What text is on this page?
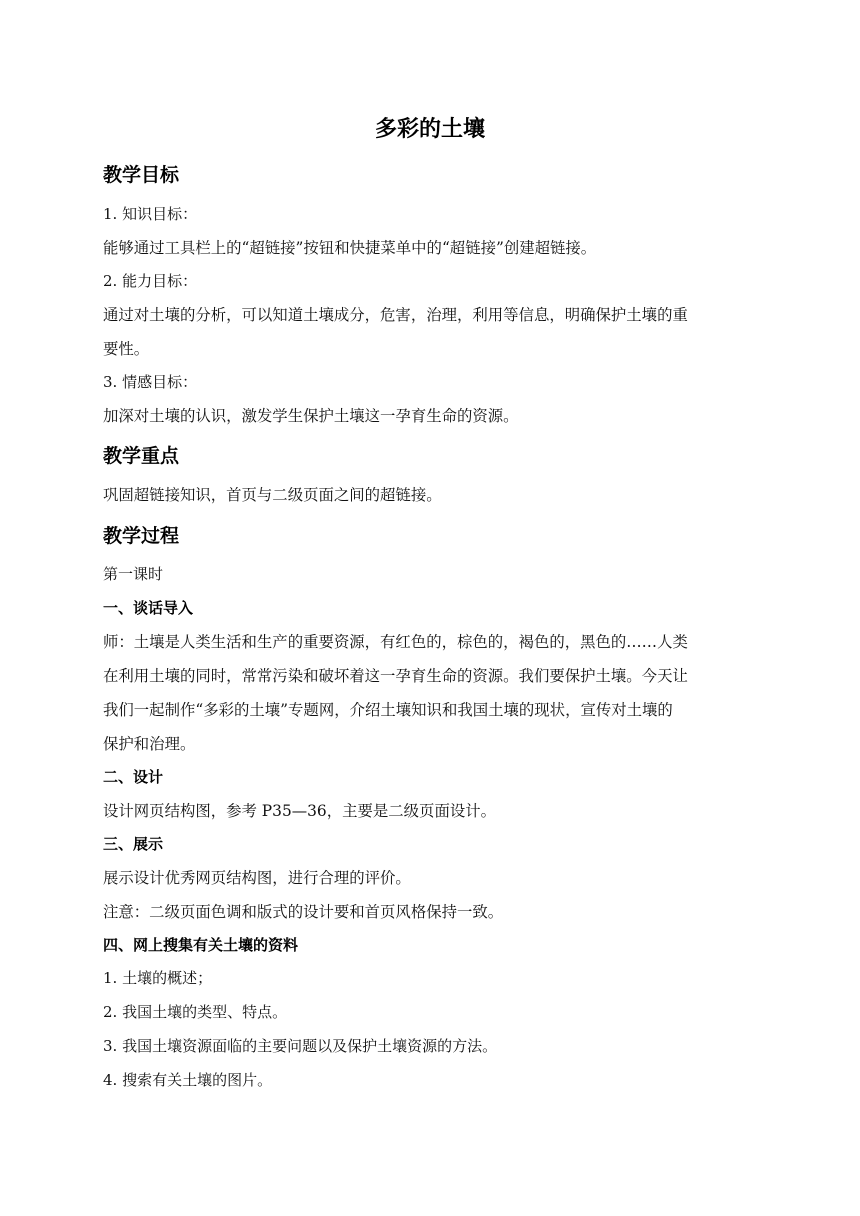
多彩的土壤
教学目标
1. 知识目标：
能够通过工具栏上的“超链接”按钮和快捷菜单中的“超链接”创建超链接。
2. 能力目标：
通过对土壤的分析，可以知道土壤成分，危害，治理，利用等信息，明确保护土壤的重
要性。
3. 情感目标：
加深对土壤的认识，激发学生保护土壤这一孕育生命的资源。
教学重点
巩固超链接知识，首页与二级页面之间的超链接。
教学过程
第一课时
一、谈话导入
师：土壤是人类生活和生产的重要资源，有红色的，棕色的，褐色的，黑色的……人类
在利用土壤的同时，常常污染和破坏着这一孕育生命的资源。我们要保护土壤。今天让
我们一起制作“多彩的土壤”专题网，介绍土壤知识和我国土壤的现状，宣传对土壤的
保护和治理。
二、设计
设计网页结构图，参考 P35—36，主要是二级页面设计。
三、展示
展示设计优秀网页结构图，进行合理的评价。
注意：二级页面色调和版式的设计要和首页风格保持一致。
四、网上搜集有关土壤的资料
1. 土壤的概述；
2. 我国土壤的类型、特点。
3. 我国土壤资源面临的主要问题以及保护土壤资源的方法。
4. 搜索有关土壤的图片。
